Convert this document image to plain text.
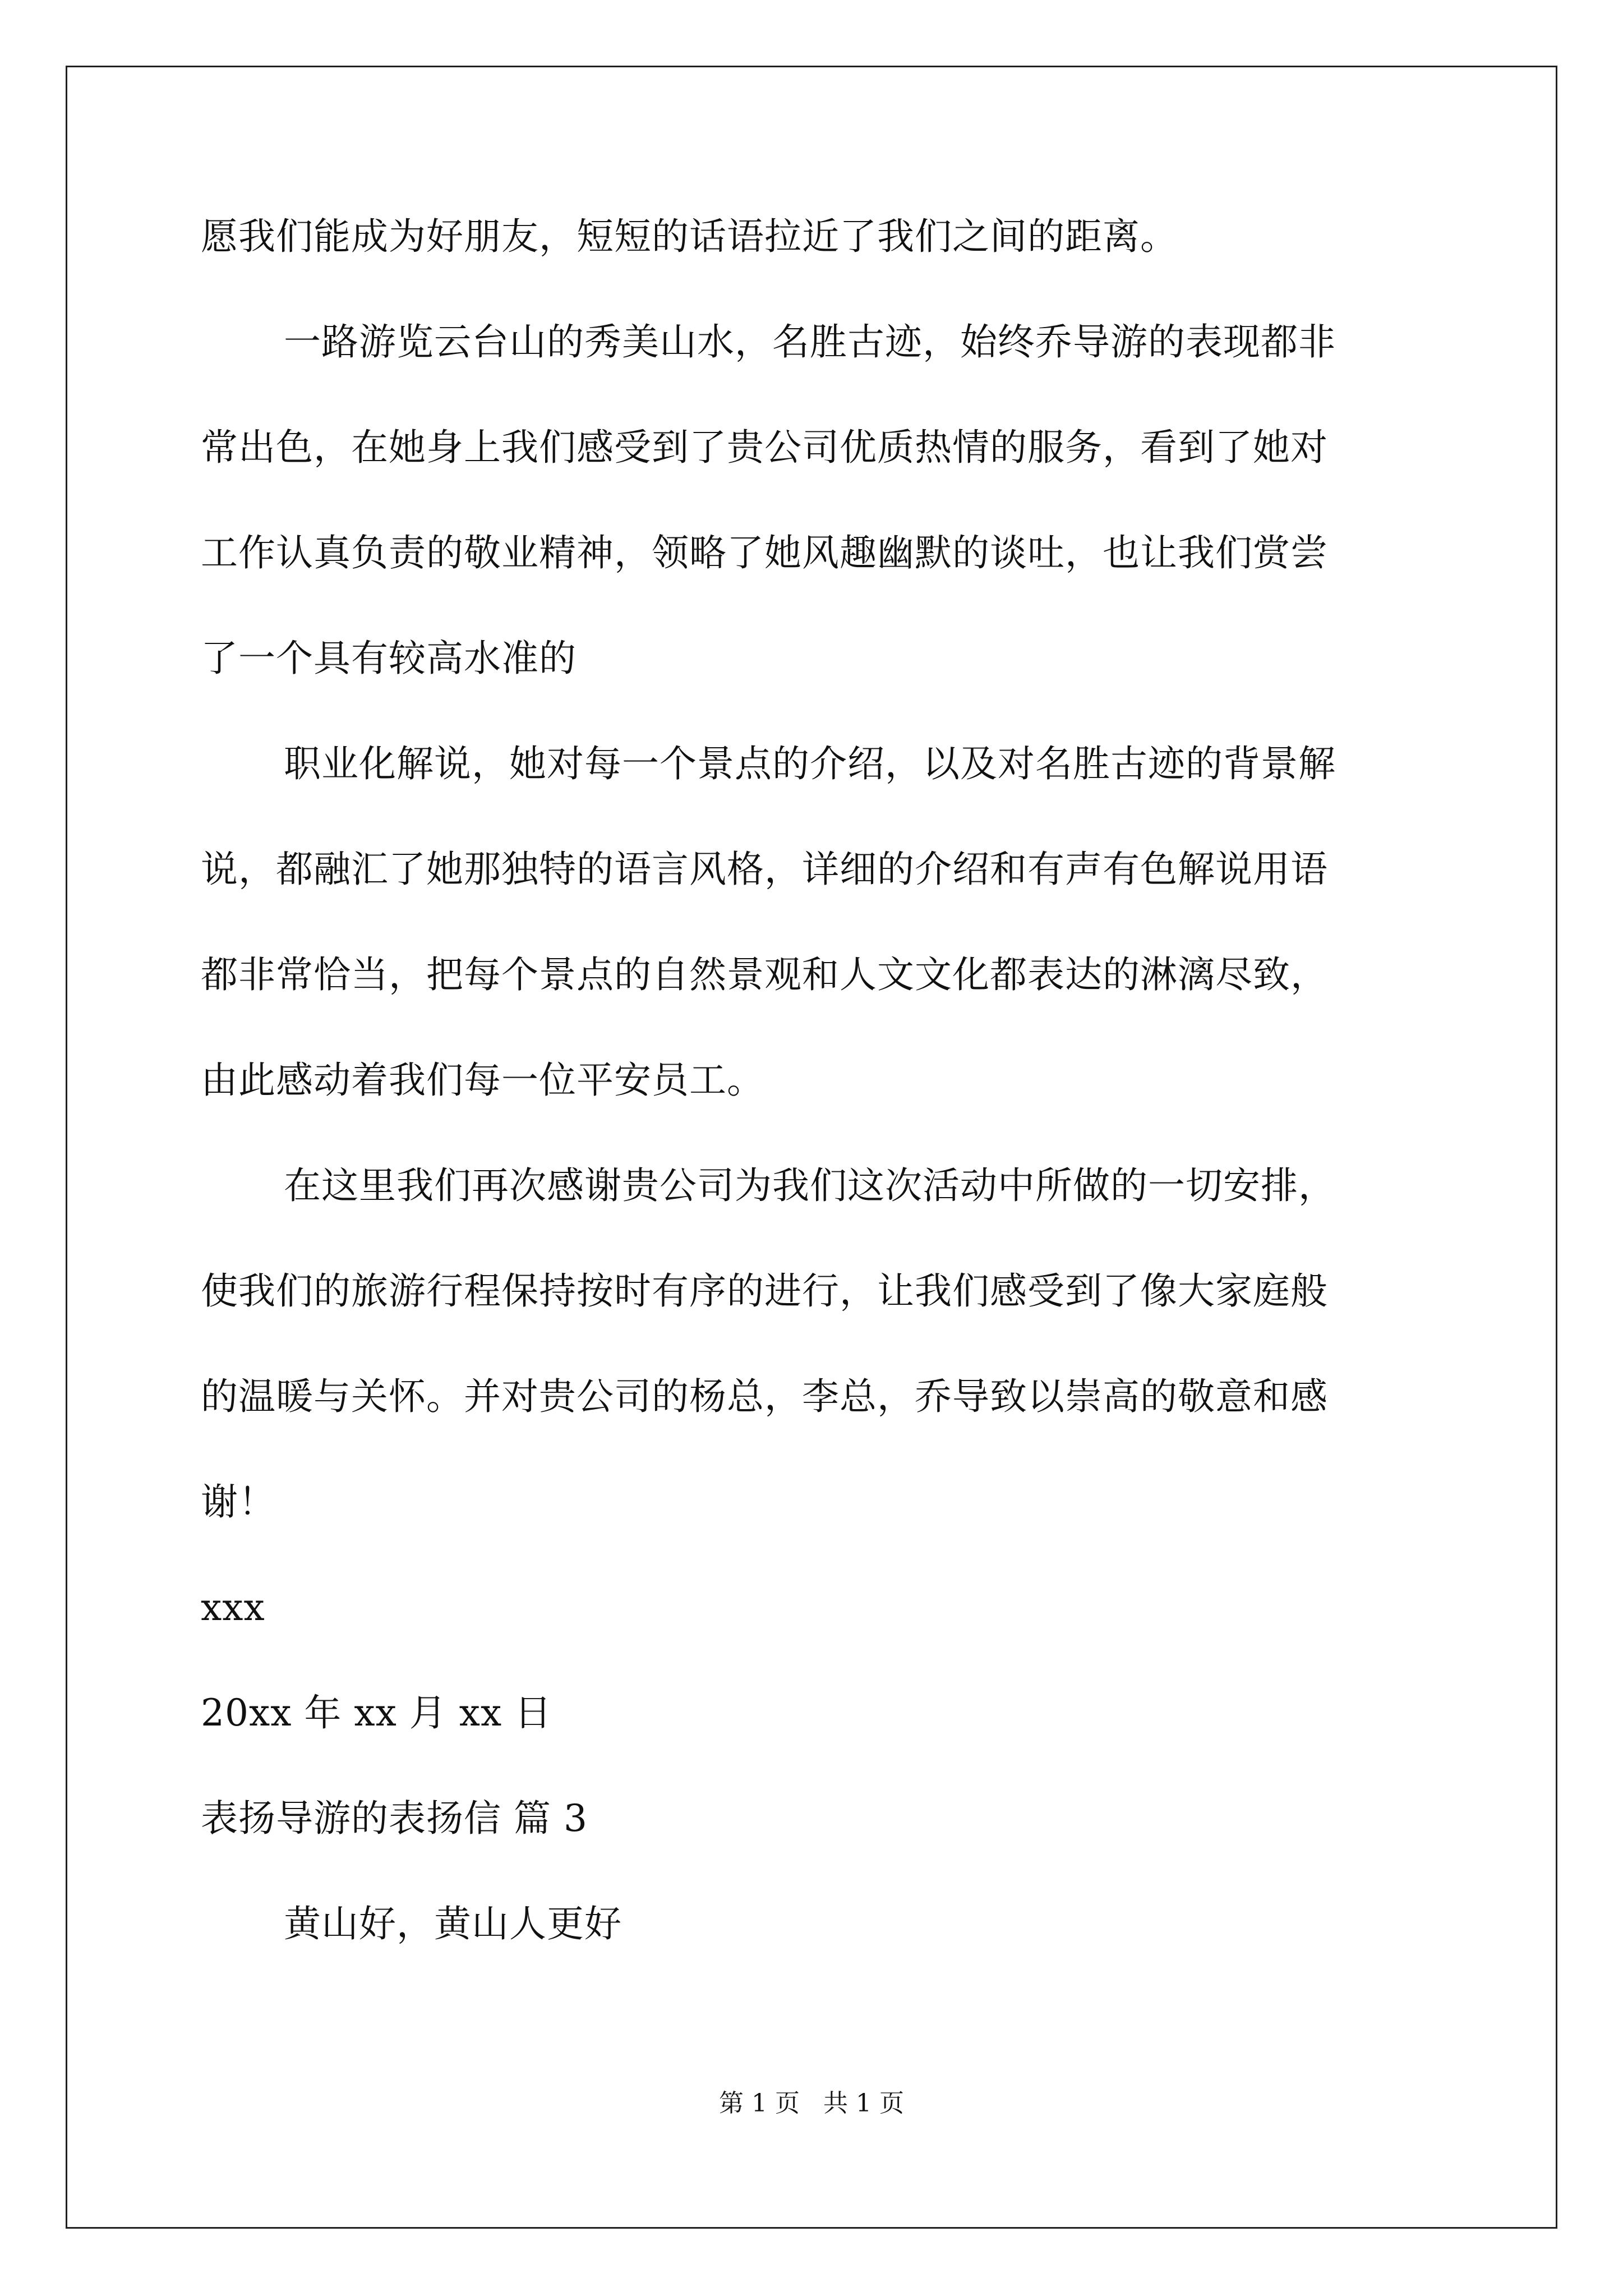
愿我们能成为好朋友，短短的话语拉近了我们之间的距离。
一路游览云台山的秀美山水，名胜古迹，始终乔导游的表现都非
常出色，在她身上我们感受到了贵公司优质热情的服务，看到了她对
工作认真负责的敬业精神，领略了她风趣幽默的谈吐，也让我们赏尝
了一个具有较高水准的
职业化解说，她对每一个景点的介绍，以及对名胜古迹的背景解
说，都融汇了她那独特的语言风格，详细的介绍和有声有色解说用语
都非常恰当，把每个景点的自然景观和人文文化都表达的淋漓尽致，
由此感动着我们每一位平安员工。
在这里我们再次感谢贵公司为我们这次活动中所做的一切安排，
使我们的旅游行程保持按时有序的进行，让我们感受到了像大家庭般
的温暖与关怀。并对贵公司的杨总，李总，乔导致以崇高的敬意和感
谢！
xxx
20xx 年 xx 月 xx 日
表扬导游的表扬信 篇 3
黄山好，黄山人更好
第 1 页   共 1 页
